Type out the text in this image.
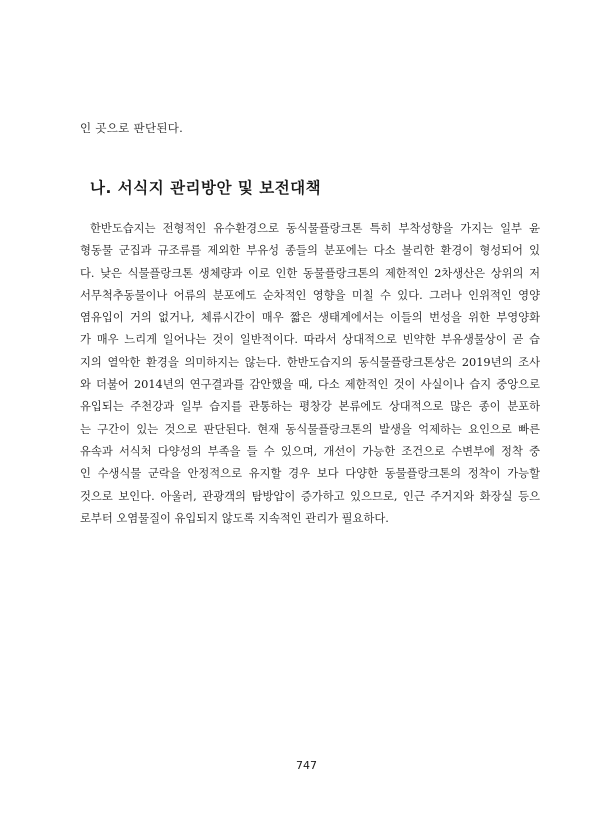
인 곳으로 판단된다.
나. 서식지 관리방안 및 보전대책
한반도습지는 전형적인 유수환경으로 동식물플랑크톤 특히 부착성향을 가지는 일부 윤
형동물 군집과 규조류를 제외한 부유성 종들의 분포에는 다소 불리한 환경이 형성되어 있
다. 낮은 식물플랑크톤 생체량과 이로 인한 동물플랑크톤의 제한적인 2차생산은 상위의 저
서무척추동물이나 어류의 분포에도 순차적인 영향을 미칠 수 있다. 그러나 인위적인 영양
염유입이 거의 없거나, 체류시간이 매우 짧은 생태계에서는 이들의 번성을 위한 부영양화
가 매우 느리게 일어나는 것이 일반적이다. 따라서 상대적으로 빈약한 부유생물상이 곧 습
지의 열악한 환경을 의미하지는 않는다. 한반도습지의 동식물플랑크톤상은 2019년의 조사
와 더불어 2014년의 연구결과를 감안했을 때, 다소 제한적인 것이 사실이나 습지 중앙으로
유입되는 주천강과 일부 습지를 관통하는 평창강 본류에도 상대적으로 많은 종이 분포하
는 구간이 있는 것으로 판단된다. 현재 동식물플랑크톤의 발생을 억제하는 요인으로 빠른
유속과 서식처 다양성의 부족을 들 수 있으며, 개선이 가능한 조건으로 수변부에 정착 중
인 수생식물 군락을 안정적으로 유지할 경우 보다 다양한 동물플랑크톤의 정착이 가능할
것으로 보인다. 아울러, 관광객의 탐방압이 증가하고 있으므로, 인근 주거지와 화장실 등으
로부터 오염물질이 유입되지 않도록 지속적인 관리가 필요하다.
747
